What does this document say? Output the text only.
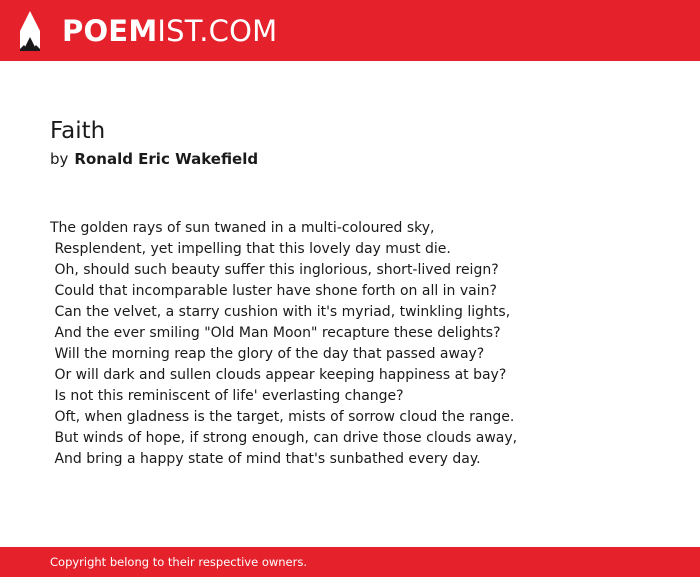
POEMIST.COM
Faith
by Ronald Eric Wakefield
The golden rays of sun twaned in a multi-coloured sky,
Resplendent, yet impelling that this lovely day must die.
Oh, should such beauty suffer this inglorious, short-lived reign?
Could that incomparable luster have shone forth on all in vain?
Can the velvet, a starry cushion with it's myriad, twinkling lights,
And the ever smiling "Old Man Moon" recapture these delights?
Will the morning reap the glory of the day that passed away?
Or will dark and sullen clouds appear keeping happiness at bay?
Is not this reminiscent of life' everlasting change?
Oft, when gladness is the target, mists of sorrow cloud the range.
But winds of hope, if strong enough, can drive those clouds away,
And bring a happy state of mind that's sunbathed every day.
Copyright belong to their respective owners.
